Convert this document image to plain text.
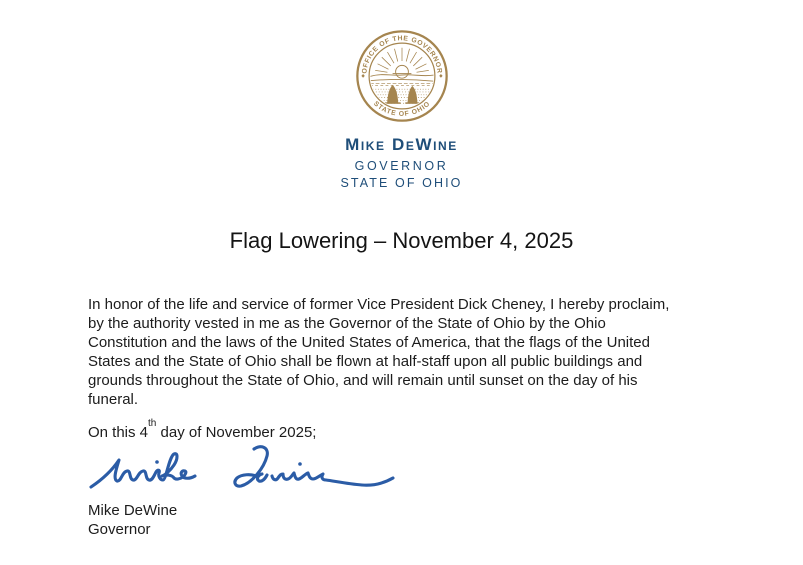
OFFICE OF THE GOVERNOR
STATE OF OHIO
Mike DeWine
GOVERNOR
STATE OF OHIO
Flag Lowering – November 4, 2025
In honor of the life and service of former Vice President Dick Cheney, I hereby proclaim,
by the authority vested in me as the Governor of the State of Ohio by the Ohio
Constitution and the laws of the United States of America, that the flags of the United
States and the State of Ohio shall be flown at half-staff upon all public buildings and
grounds throughout the State of Ohio, and will remain until sunset on the day of his
funeral.
On this 4th day of November 2025;
Mike DeWine
Governor
